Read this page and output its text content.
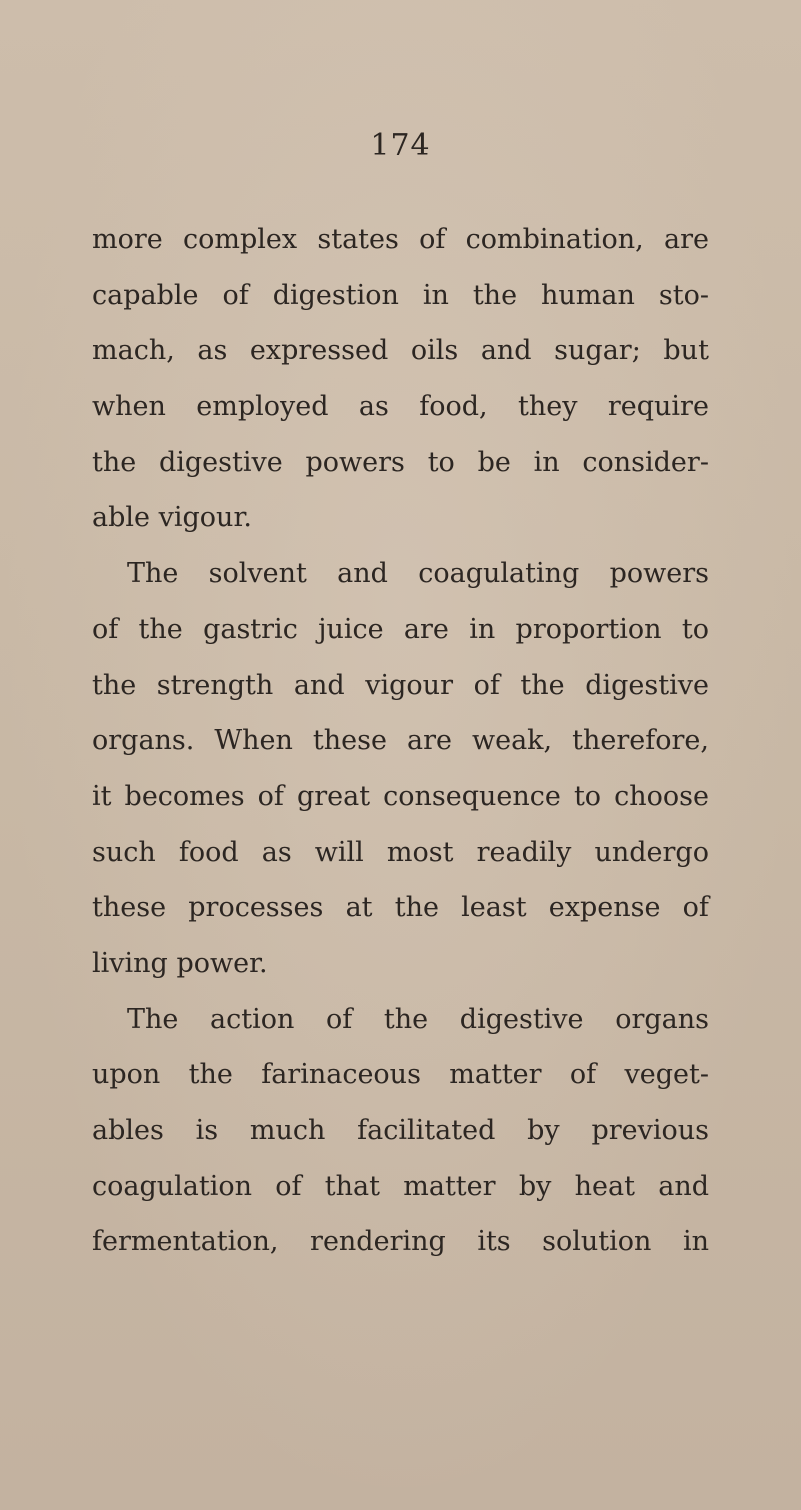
174
more complex states of combination, are
capable of digestion in the human sto-
mach, as expressed oils and sugar; but
when employed as food, they require
the digestive powers to be in consider-
able vigour.
The solvent and coagulating powers
of the gastric juice are in proportion to
the strength and vigour of the digestive
organs. When these are weak, therefore,
it becomes of great consequence to choose
such food as will most readily undergo
these processes at the least expense of
living power.
The action of the digestive organs
upon the farinaceous matter of veget-
ables is much facilitated by previous
coagulation of that matter by heat and
fermentation, rendering its solution in
